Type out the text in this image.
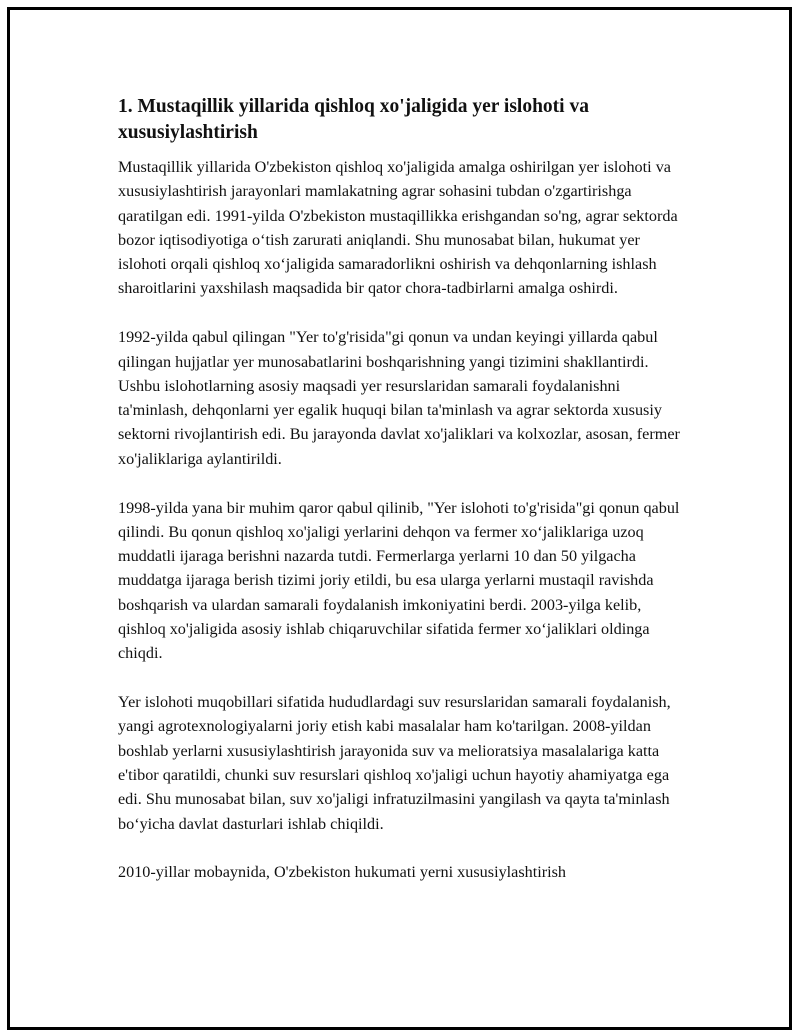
1. Mustaqillik yillarida qishloq xo'jaligida yer islohoti va xususiylashtirish

Mustaqillik yillarida O'zbekiston qishloq xo'jaligida amalga oshirilgan yer islohoti va xususiylashtirish jarayonlari mamlakatning agrar sohasini tubdan o'zgartirishga qaratilgan edi. 1991-yilda O'zbekiston mustaqillikka erishgandan so'ng, agrar sektorda bozor iqtisodiyotiga o‘tish zarurati aniqlandi. Shu munosabat bilan, hukumat yer islohoti orqali qishloq xo‘jaligida samaradorlikni oshirish va dehqonlarning ishlash sharoitlarini yaxshilash maqsadida bir qator chora-tadbirlarni amalga oshirdi.

1992-yilda qabul qilingan "Yer to'g'risida"gi qonun va undan keyingi yillarda qabul qilingan hujjatlar yer munosabatlarini boshqarishning yangi tizimini shakllantirdi. Ushbu islohotlarning asosiy maqsadi yer resurslaridan samarali foydalanishni ta'minlash, dehqonlarni yer egalik huquqi bilan ta'minlash va agrar sektorda xususiy sektorni rivojlantirish edi. Bu jarayonda davlat xo'jaliklari va kolxozlar, asosan, fermer xo'jaliklariga aylantirildi.

1998-yilda yana bir muhim qaror qabul qilinib, "Yer islohoti to'g'risida"gi qonun qabul qilindi. Bu qonun qishloq xo'jaligi yerlarini dehqon va fermer xo‘jaliklariga uzoq muddatli ijaraga berishni nazarda tutdi. Fermerlarga yerlarni 10 dan 50 yilgacha muddatga ijaraga berish tizimi joriy etildi, bu esa ularga yerlarni mustaqil ravishda boshqarish va ulardan samarali foydalanish imkoniyatini berdi. 2003-yilga kelib, qishloq xo'jaligida asosiy ishlab chiqaruvchilar sifatida fermer xo‘jaliklari oldinga chiqdi.

Yer islohoti muqobillari sifatida hududlardagi suv resurslaridan samarali foydalanish, yangi agrotexnologiyalarni joriy etish kabi masalalar ham ko'tarilgan. 2008-yildan boshlab yerlarni xususiylashtirish jarayonida suv va melioratsiya masalalariga katta e'tibor qaratildi, chunki suv resurslari qishloq xo'jaligi uchun hayotiy ahamiyatga ega edi. Shu munosabat bilan, suv xo'jaligi infratuzilmasini yangilash va qayta ta'minlash bo‘yicha davlat dasturlari ishlab chiqildi.

2010-yillar mobaynida, O'zbekiston hukumati yerni xususiylashtirish
